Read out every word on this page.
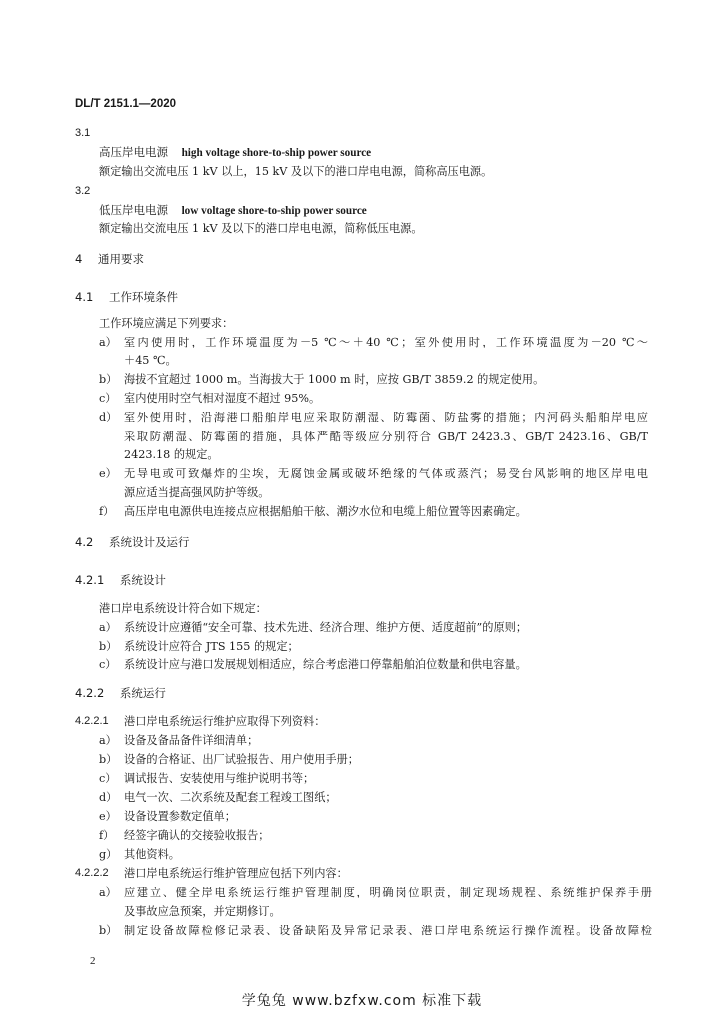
DL/T 2151.1—2020
3.1
高压岸电电源 high voltage shore-to-ship power source
额定输出交流电压 1 kV 以上，15 kV 及以下的港口岸电电源，简称高压电源。
3.2
低压岸电电源 low voltage shore-to-ship power source
额定输出交流电压 1 kV 及以下的港口岸电电源，简称低压电源。
4 通用要求
4.1 工作环境条件
工作环境应满足下列要求：
a） 室内使用时，工作环境温度为－5 ℃～＋40 ℃；室外使用时，工作环境温度为－20 ℃～
＋45 ℃。
b） 海拔不宜超过 1000 m。当海拔大于 1000 m 时，应按 GB/T 3859.2 的规定使用。
c） 室内使用时空气相对湿度不超过 95%。
d） 室外使用时，沿海港口船舶岸电应采取防潮湿、防霉菌、防盐雾的措施；内河码头船舶岸电应
采取防潮湿、防霉菌的措施，具体严酷等级应分别符合 GB/T 2423.3、GB/T 2423.16、GB/T
2423.18 的规定。
e） 无导电或可致爆炸的尘埃，无腐蚀金属或破坏绝缘的气体或蒸汽；易受台风影响的地区岸电电
源应适当提高强风防护等级。
f） 高压岸电电源供电连接点应根据船舶干舷、潮汐水位和电缆上船位置等因素确定。
4.2 系统设计及运行
4.2.1 系统设计
港口岸电系统设计符合如下规定：
a） 系统设计应遵循“安全可靠、技术先进、经济合理、维护方便、适度超前”的原则；
b） 系统设计应符合 JTS 155 的规定；
c） 系统设计应与港口发展规划相适应，综合考虑港口停靠船舶泊位数量和供电容量。
4.2.2 系统运行
4.2.2.1 港口岸电系统运行维护应取得下列资料：
a） 设备及备品备件详细清单；
b） 设备的合格证、出厂试验报告、用户使用手册；
c） 调试报告、安装使用与维护说明书等；
d） 电气一次、二次系统及配套工程竣工图纸；
e） 设备设置参数定值单；
f） 经签字确认的交接验收报告；
g） 其他资料。
4.2.2.2 港口岸电系统运行维护管理应包括下列内容：
a） 应建立、健全岸电系统运行维护管理制度，明确岗位职责，制定现场规程、系统维护保养手册
及事故应急预案，并定期修订。
b） 制定设备故障检修记录表、设备缺陷及异常记录表、港口岸电系统运行操作流程。设备故障检
2
学兔兔 www.bzfxw.com 标准下载
